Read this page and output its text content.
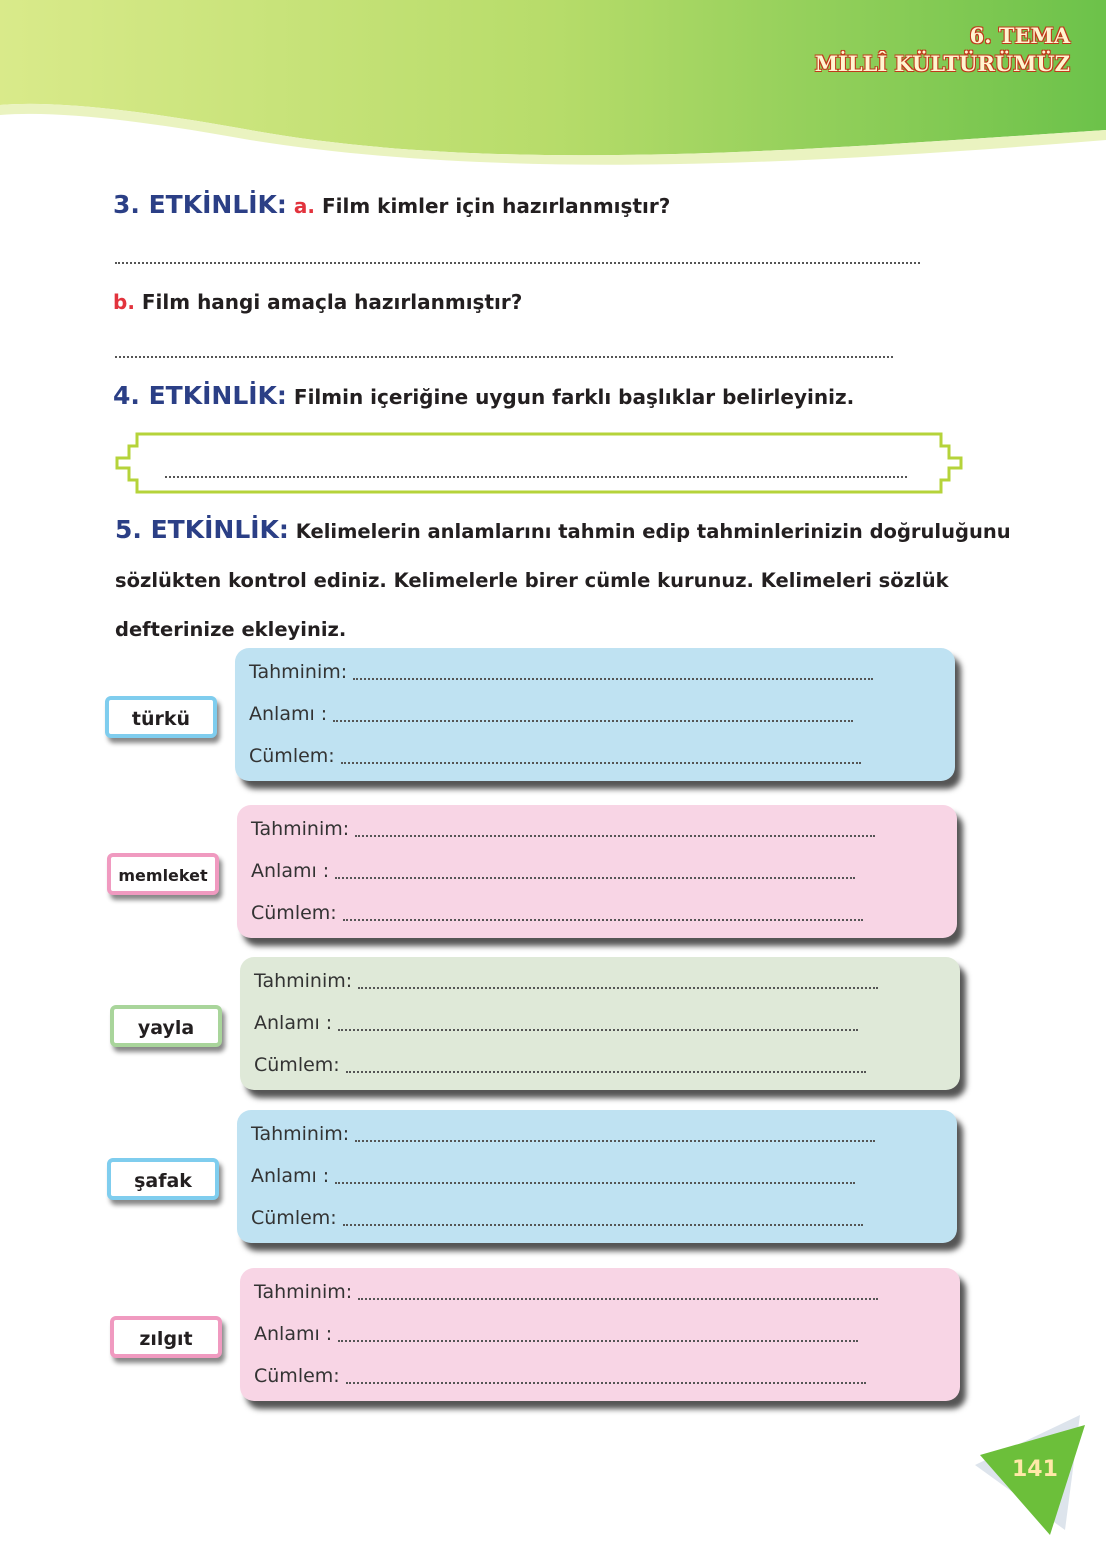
6. TEMA
MİLLÎ KÜLTÜRÜMÜZ
3. ETKİNLİK: a. Film kimler için hazırlanmıştır?
b. Film hangi amaçla hazırlanmıştır?
4. ETKİNLİK: Filmin içeriğine uygun farklı başlıklar belirleyiniz.
5. ETKİNLİK: Kelimelerin anlamlarını tahmin edip tahminlerinizin doğruluğunu sözlükten kontrol ediniz. Kelimelerle birer cümle kurunuz. Kelimeleri sözlük defterinize ekleyiniz.
Tahminim:
Anlamı :
Cümlem:
türkü
Tahminim:
Anlamı :
Cümlem:
memleket
Tahminim:
Anlamı :
Cümlem:
yayla
Tahminim:
Anlamı :
Cümlem:
şafak
Tahminim:
Anlamı :
Cümlem:
zılgıt
141
